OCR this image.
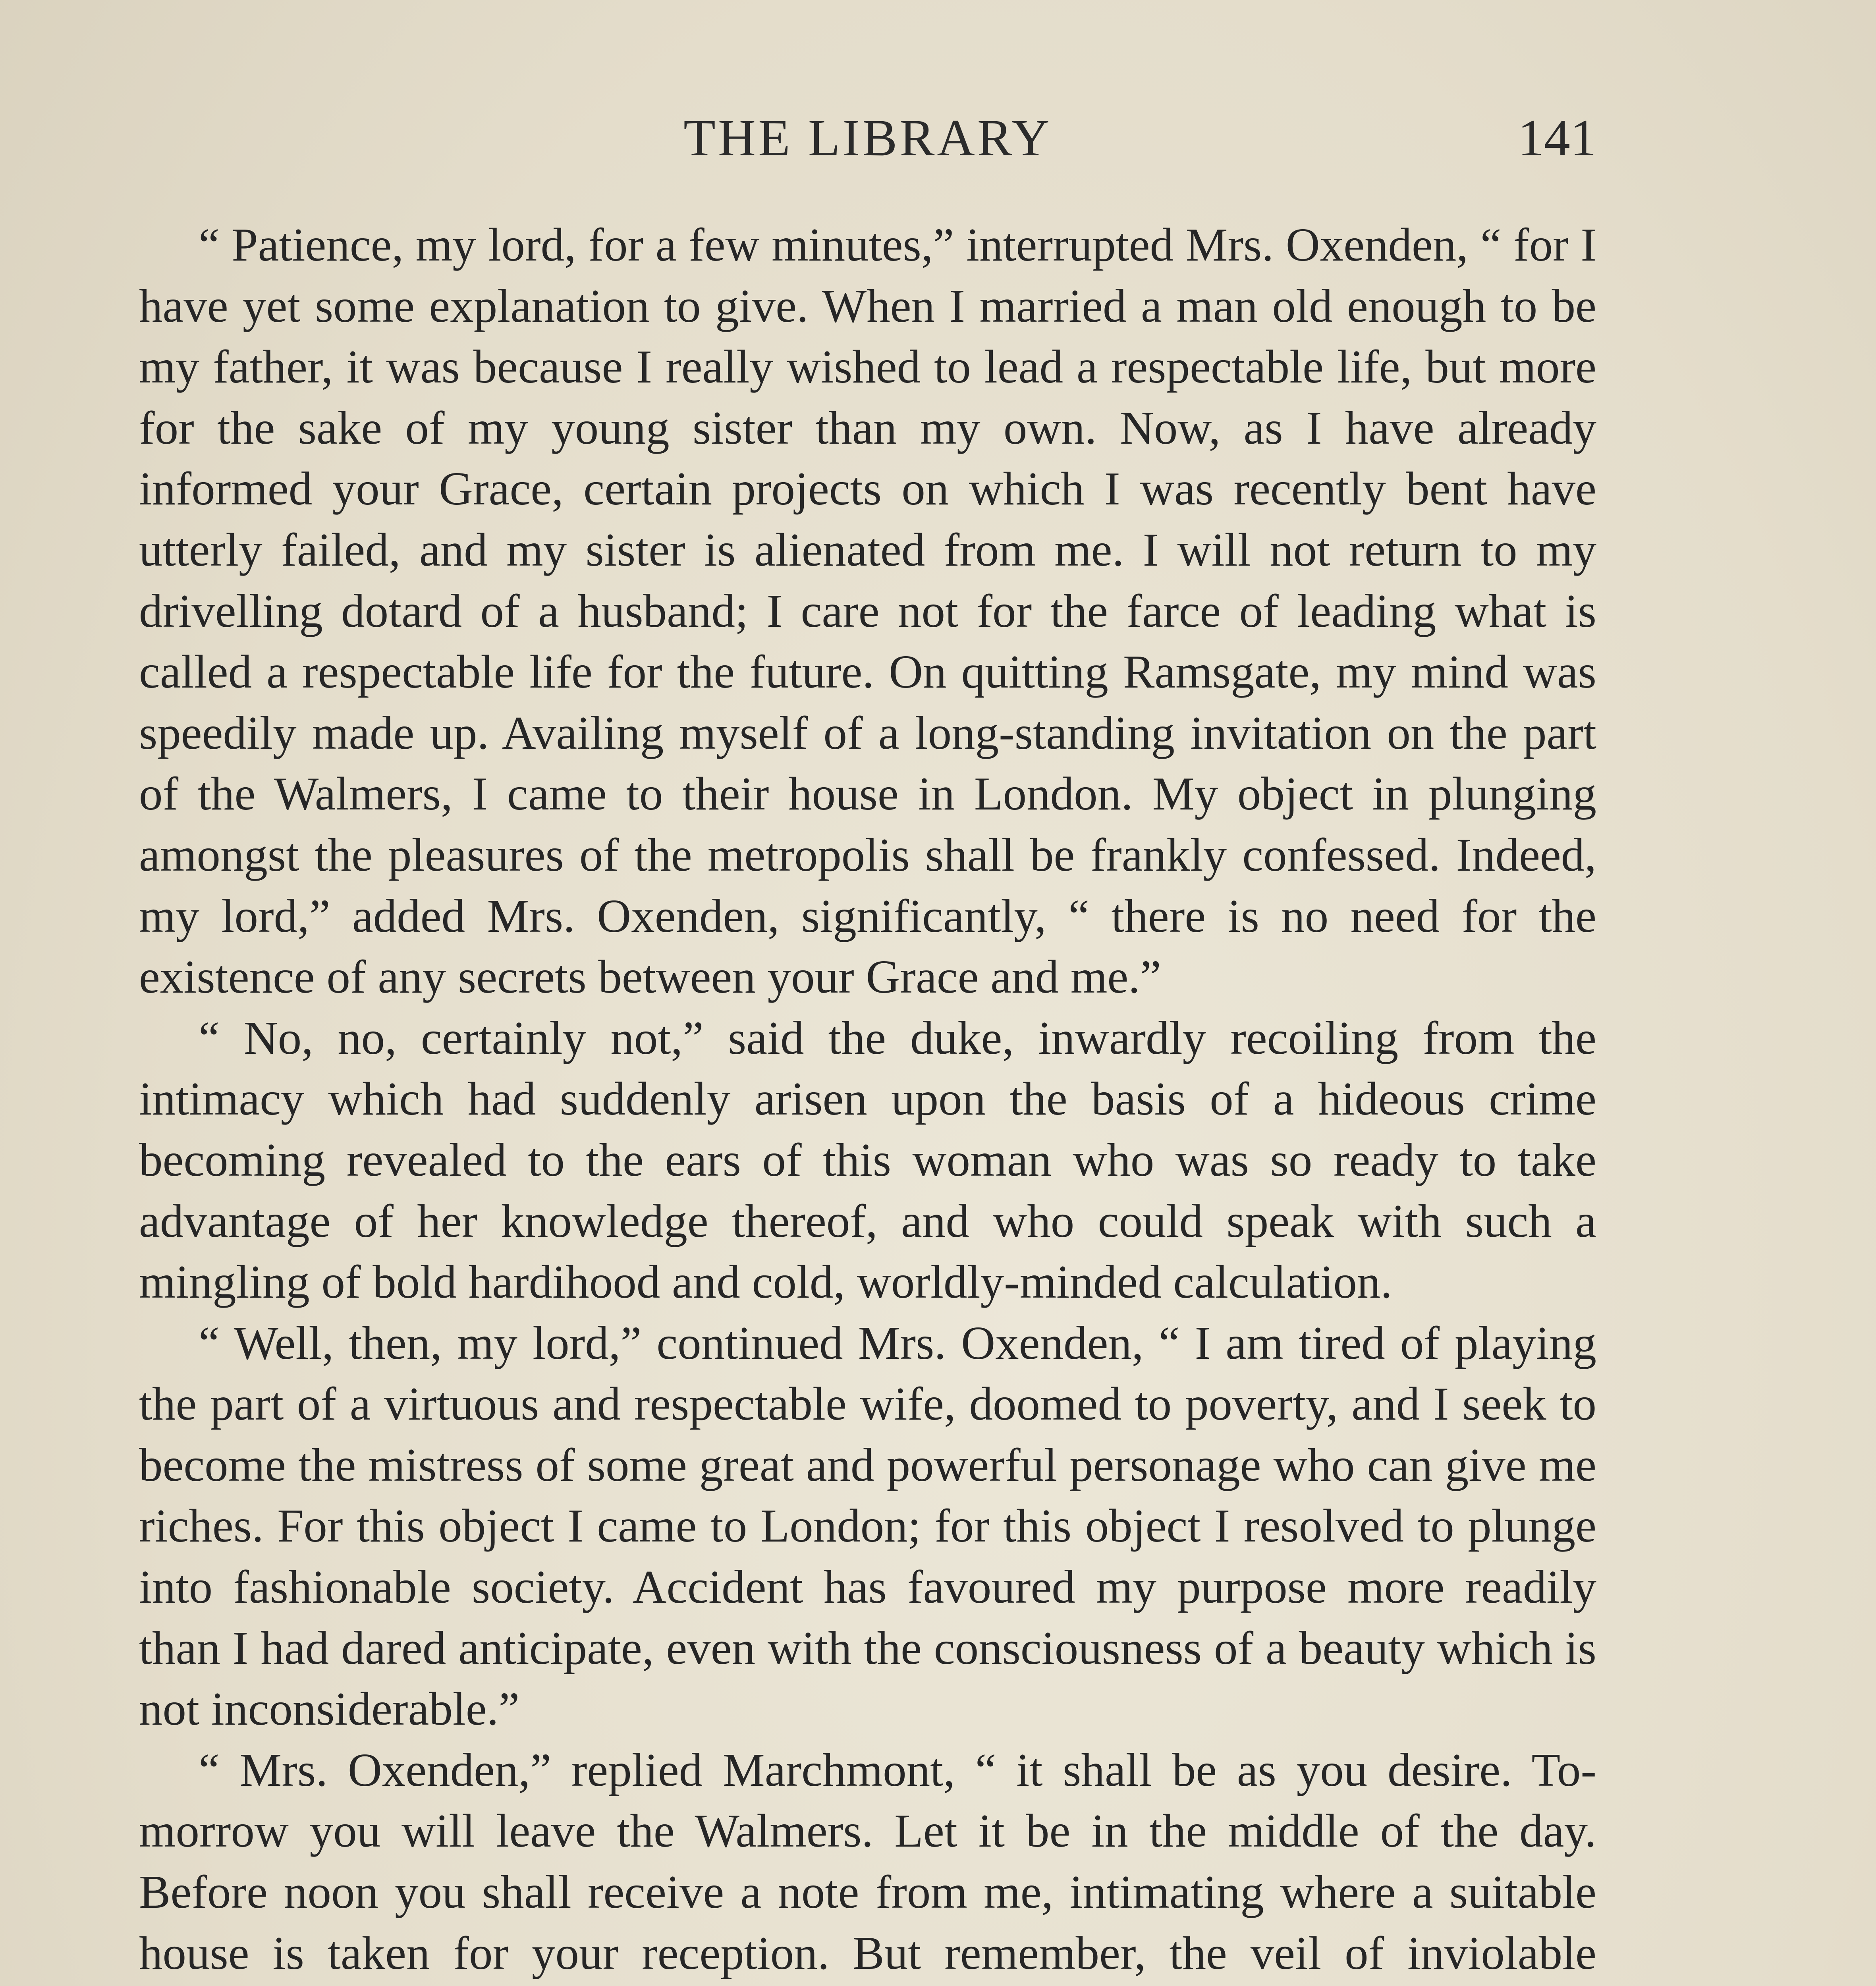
THE LIBRARY	141

“ Patience, my lord, for a few minutes,” interrupted Mrs. Oxenden, “ for I have yet some explanation to give. When I married a man old enough to be my father, it was because I really wished to lead a respectable life, but more for the sake of my young sister than my own. Now, as I have already informed your Grace, certain projects on which I was recently bent have utterly failed, and my sister is alienated from me. I will not return to my drivelling dotard of a husband; I care not for the farce of leading what is called a respectable life for the future. On quitting Ramsgate, my mind was speedily made up. Availing myself of a long-standing invitation on the part of the Walmers, I came to their house in London. My object in plunging amongst the pleasures of the metropolis shall be frankly confessed. Indeed, my lord,” added Mrs. Oxenden, significantly, “ there is no need for the existence of any secrets between your Grace and me.”

“ No, no, certainly not,” said the duke, inwardly recoiling from the intimacy which had suddenly arisen upon the basis of a hideous crime becoming revealed to the ears of this woman who was so ready to take advantage of her knowledge thereof, and who could speak with such a mingling of bold hardihood and cold, worldly-minded calculation.

“ Well, then, my lord,” continued Mrs. Oxenden, “ I am tired of playing the part of a virtuous and respectable wife, doomed to poverty, and I seek to become the mistress of some great and powerful personage who can give me riches. For this object I came to London; for this object I resolved to plunge into fashionable society. Accident has favoured my purpose more readily than I had dared anticipate, even with the consciousness of a beauty which is not inconsiderable.”

“ Mrs. Oxenden,” replied Marchmont, “ it shall be as you desire. To-morrow you will leave the Walmers. Let it be in the middle of the day. Before noon you shall receive a note from me, intimating where a suitable house is taken for your reception. But remember, the veil of inviolable
